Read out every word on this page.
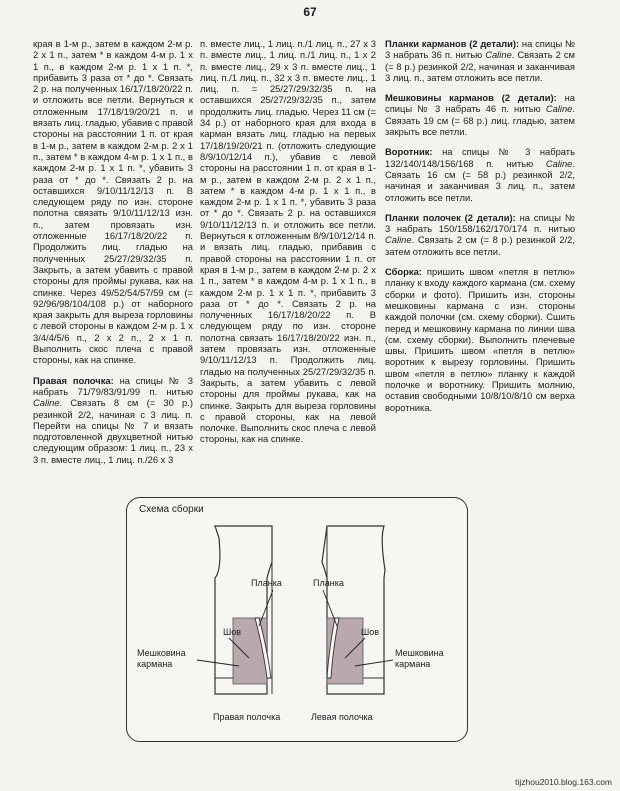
67

края в 1-м р., затем в каждом 2-м р. 2 х 1 п., затем * в каждом 4-м р. 1 х 1 п., в каждом 2-м р. 1 х 1 п. *, прибавить 3 раза от * до *. Связать 2 р. на полученных 16/17/18/20/22 п. и отложить все петли. Вернуться к отложенным 17/18/19/20/21 п. и вязать лиц. гладью, убавив с правой стороны на расстоянии 1 п. от края в 1-м р., затем в каждом 2-м р. 2 х 1 п., затем * в каждом 4-м р. 1 х 1 п., в каждом 2-м р. 1 х 1 п. *, убавить 3 раза от * до *. Связать 2 р. на оставшихся 9/10/11/12/13 п. В следующем ряду по изн. стороне полотна связать 9/10/11/12/13 изн. п., затем провязать изн. отложенные 16/17/18/20/22 п. Продолжить лиц. гладью на полученных 25/27/29/32/35 п. Закрыть, а затем убавить с правой стороны для проймы рукава, как на спинке. Через 49/52/54/57/59 см (= 92/96/98/104/108 р.) от наборного края закрыть для выреза горловины с левой стороны в каждом 2-м р. 1 х 3/4/4/5/6 п., 2 х 2 п., 2 х 1 п. Выполнить скос плеча с правой стороны, как на спинке.

Правая полочка: на спицы № 3 набрать 71/79/83/91/99 п. нитью Caline. Связать 8 см (= 30 р.) резинкой 2/2, начиная с 3 лиц. п. Перейти на спицы № 7 и вязать подготовленной двухцветной нитью следующим образом: 1 лиц. п., 23 х 3 п. вместе лиц., 1 лиц. п./26 х 3

п. вместе лиц., 1 лиц. п./1 лиц. п., 27 х 3 п. вместе лиц., 1 лиц. п./1 лиц. п., 1 х 2 п. вместе лиц., 29 х 3 п. вместе лиц., 1 лиц. п./1 лиц. п., 32 х 3 п. вместе лиц., 1 лиц. п. = 25/27/29/32/35 п. на оставшихся 25/27/29/32/35 п., затем продолжить лиц. гладью. Через 11 см (= 34 р.) от наборного края для входа в карман вязать лиц. гладью на первых 17/18/19/20/21 п. (отложить следующие 8/9/10/12/14 п.), убавив с левой стороны на расстоянии 1 п. от края в 1-м р., затем в каждом 2-м р. 2 х 1 п., затем * в каждом 4-м р. 1 х 1 п., в каждом 2-м р. 1 х 1 п. *, убавить 3 раза от * до *. Связать 2 р. на оставшихся 9/10/11/12/13 п. и отложить все петли. Вернуться к отложенным 8/9/10/12/14 п. и вязать лиц. гладью, прибавив с правой стороны на расстоянии 1 п. от края в 1-м р., затем в каждом 2-м р. 2 х 1 п., затем * в каждом 4-м р. 1 х 1 п., в каждом 2-м р. 1 х 1 п. *, прибавить 3 раза от * до *. Связать 2 р. на полученных 16/17/18/20/22 п. В следующем ряду по изн. стороне полотна связать 16/17/18/20/22 изн. п., затем провязать изн. отложенные 9/10/11/12/13 п. Продолжить лиц. гладью на полученных 25/27/29/32/35 п. Закрыть, а затем убавить с левой стороны для проймы рукава, как на спинке. Закрыть для выреза горловины с правой стороны, как на левой полочке. Выполнить скос плеча с левой стороны, как на спинке.

Планки карманов (2 детали): на спицы № 3 набрать 36 п. нитью Caline. Связать 2 см (= 8 р.) резинкой 2/2, начиная и заканчивая 3 лиц. п., затем отложить все петли.

Мешковины карманов (2 детали): на спицы № 3 набрать 46 п. нитью Caline. Связать 19 см (= 68 р.) лиц. гладью, затем закрыть все петли.

Воротник: на спицы № 3 набрать 132/140/148/156/168 п. нитью Caline. Связать 16 см (= 58 р.) резинкой 2/2, начиная и заканчивая 3 лиц. п., затем отложить все петли.

Планки полочек (2 детали): на спицы № 3 набрать 150/158/162/170/174 п. нитью Caline. Связать 2 см (= 8 р.) резинкой 2/2, затем отложить все петли.

Сборка: пришить швом «петля в петлю» планку к входу каждого кармана (см. схему сборки и фото). Пришить изн. стороны мешковины кармана с изн. стороны каждой полочки (см. схему сборки). Сшить перед и мешковину кармана по линии шва (см. схему сборки). Выполнить плечевые швы. Пришить швом «петля в петлю» воротник к вырезу горловины. Пришить швом «петля в петлю» планку к каждой полочке и воротнику. Пришить молнию, оставив свободными 10/8/10/8/10 см верха воротника.

Схема сборки
Планка	Планка
Шов	Шов
Мешковина кармана
Мешковина кармана
Правая полочка	Левая полочка
tijzhou2010.blog.163.com
